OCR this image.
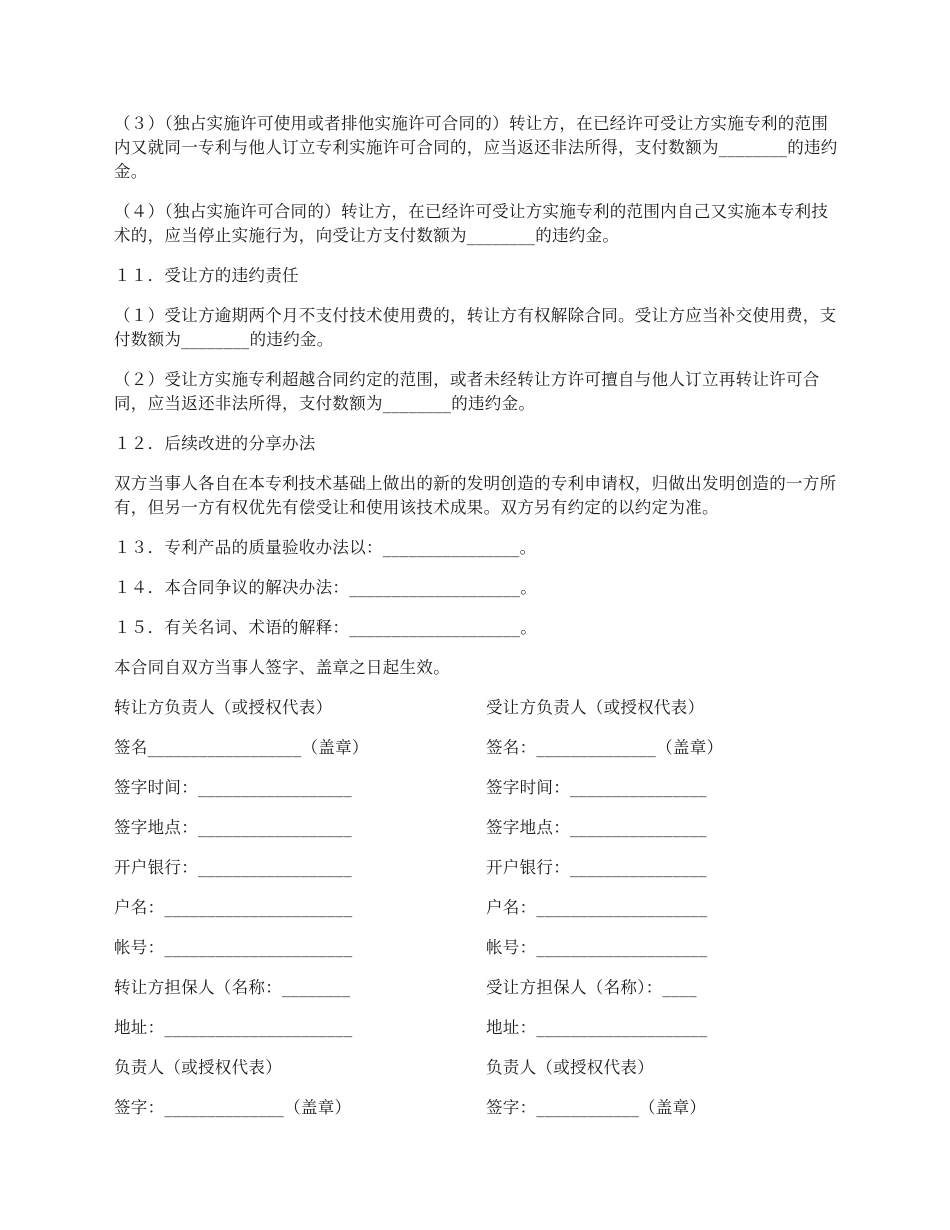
（３）（独占实施许可使用或者排他实施许可合同的）转让方，在已经许可受让方实施专利的范围内又就同一专利与他人订立专利实施许可合同的，应当返还非法所得，支付数额为________的违约金。

（４）（独占实施许可合同的）转让方，在已经许可受让方实施专利的范围内自己又实施本专利技术的，应当停止实施行为，向受让方支付数额为________的违约金。

１１．受让方的违约责任

（１）受让方逾期两个月不支付技术使用费的，转让方有权解除合同。受让方应当补交使用费，支付数额为________的违约金。

（２）受让方实施专利超越合同约定的范围，或者未经转让方许可擅自与他人订立再转让许可合同，应当返还非法所得，支付数额为________的违约金。

１２．后续改进的分享办法

双方当事人各自在本专利技术基础上做出的新的发明创造的专利申请权，归做出发明创造的一方所有，但另一方有权优先有偿受让和使用该技术成果。双方另有约定的以约定为准。

１３．专利产品的质量验收办法以：________________。

１４．本合同争议的解决办法：____________________。

１５．有关名词、术语的解释：____________________。

本合同自双方当事人签字、盖章之日起生效。

转让方负责人（或授权代表）	受让方负责人（或授权代表）
签名__________________（盖章）	签名：______________（盖章）
签字时间：__________________	签字时间：________________
签字地点：__________________	签字地点：________________
开户银行：__________________	开户银行：________________
户名：______________________	户名：____________________
帐号：______________________	帐号：____________________
转让方担保人（名称：________	受让方担保人（名称）：____
地址：______________________	地址：____________________
负责人（或授权代表）	负责人（或授权代表）
签字：______________（盖章）	签字：____________（盖章）
